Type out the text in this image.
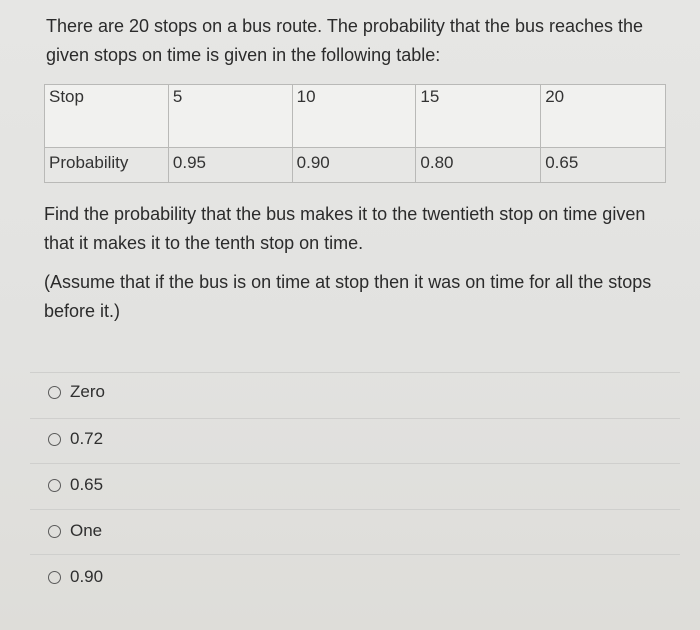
There are 20 stops on a bus route. The probability that the bus reaches the given stops on time is given in the following table:
Stop	5	10	15	20
Probability	0.95	0.90	0.80	0.65
Find the probability that the bus makes it to the twentieth stop on time given that it makes it to the tenth stop on time.
(Assume that if the bus is on time at stop then it was on time for all the stops before it.)
Zero
0.72
0.65
One
0.90
